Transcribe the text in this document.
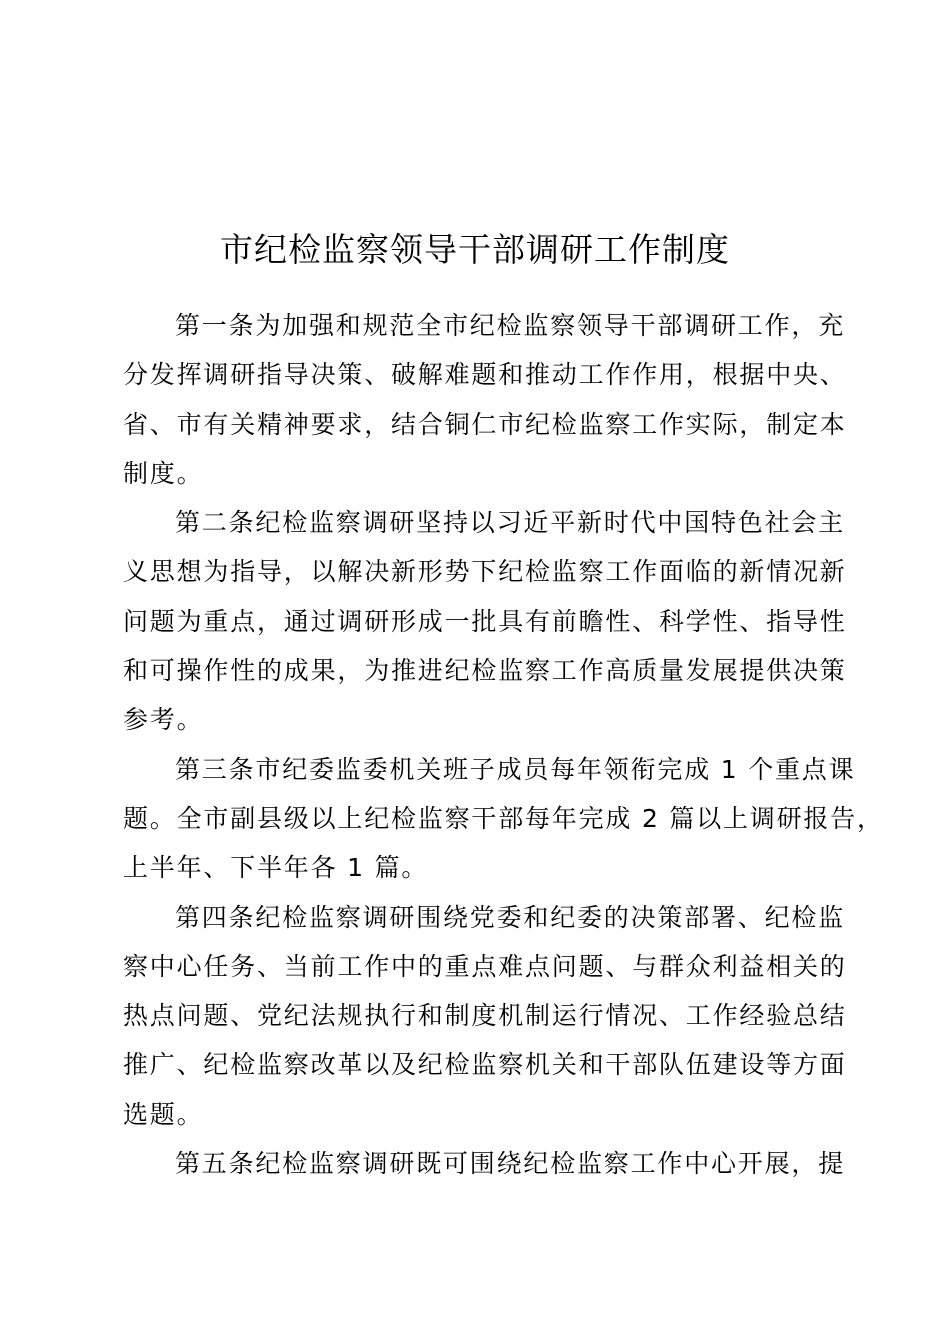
市纪检监察领导干部调研工作制度

第一条为加强和规范全市纪检监察领导干部调研工作，充
分发挥调研指导决策、破解难题和推动工作作用，根据中央、
省、市有关精神要求，结合铜仁市纪检监察工作实际，制定本
制度。

第二条纪检监察调研坚持以习近平新时代中国特色社会主
义思想为指导，以解决新形势下纪检监察工作面临的新情况新
问题为重点，通过调研形成一批具有前瞻性、科学性、指导性
和可操作性的成果，为推进纪检监察工作高质量发展提供决策
参考。

第三条市纪委监委机关班子成员每年领衔完成 1 个重点课
题。全市副县级以上纪检监察干部每年完成 2 篇以上调研报告，
上半年、下半年各 1 篇。

第四条纪检监察调研围绕党委和纪委的决策部署、纪检监
察中心任务、当前工作中的重点难点问题、与群众利益相关的
热点问题、党纪法规执行和制度机制运行情况、工作经验总结
推广、纪检监察改革以及纪检监察机关和干部队伍建设等方面
选题。

第五条纪检监察调研既可围绕纪检监察工作中心开展，提
